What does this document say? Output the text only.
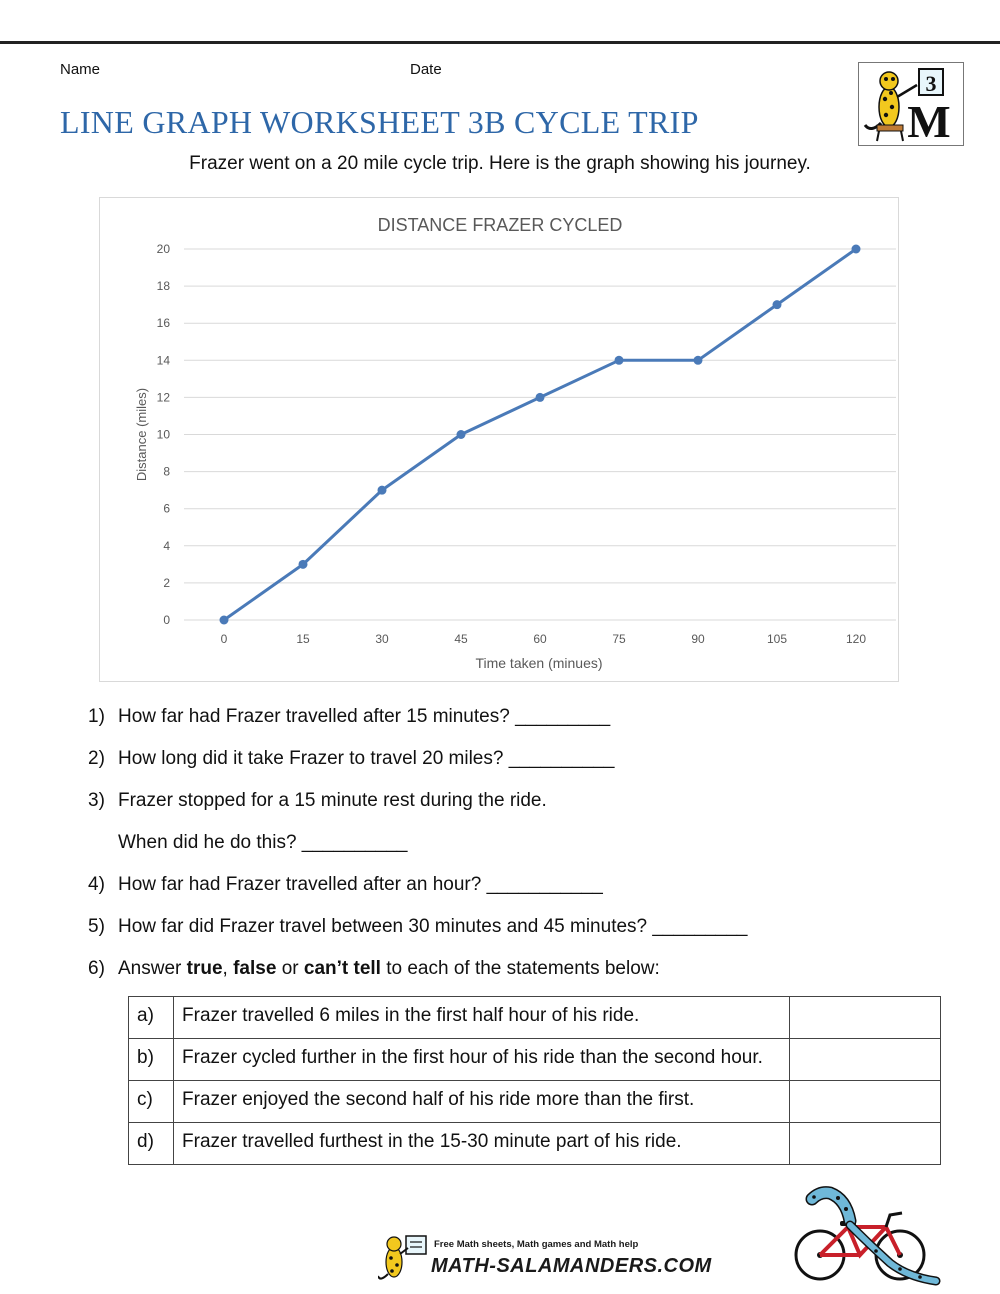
Name	Date
3
M
LINE GRAPH WORKSHEET 3B CYCLE TRIP
Frazer went on a 20 mile cycle trip. Here is the graph showing his journey.
DISTANCE FRAZER CYCLED
0
2
4
6
8
10
12
14
16
18
20
0	15	30	45	60	75	90	105	120
Distance (miles)
Time taken (minues)
1) How far had Frazer travelled after 15 minutes? _________
2) How long did it take Frazer to travel 20 miles? __________
3) Frazer stopped for a 15 minute rest during the ride.
When did he do this? __________
4) How far had Frazer travelled after an hour? ___________
5) How far did Frazer travel between 30 minutes and 45 minutes? _________
6) Answer true, false or can’t tell to each of the statements below:
a)	Frazer travelled 6 miles in the first half hour of his ride.	
b)	Frazer cycled further in the first hour of his ride than the second hour.	
c)	Frazer enjoyed the second half of his ride more than the first.	
d)	Frazer travelled furthest in the 15-30 minute part of his ride.	
Free Math sheets, Math games and Math help
MATH-SALAMANDERS.COM
